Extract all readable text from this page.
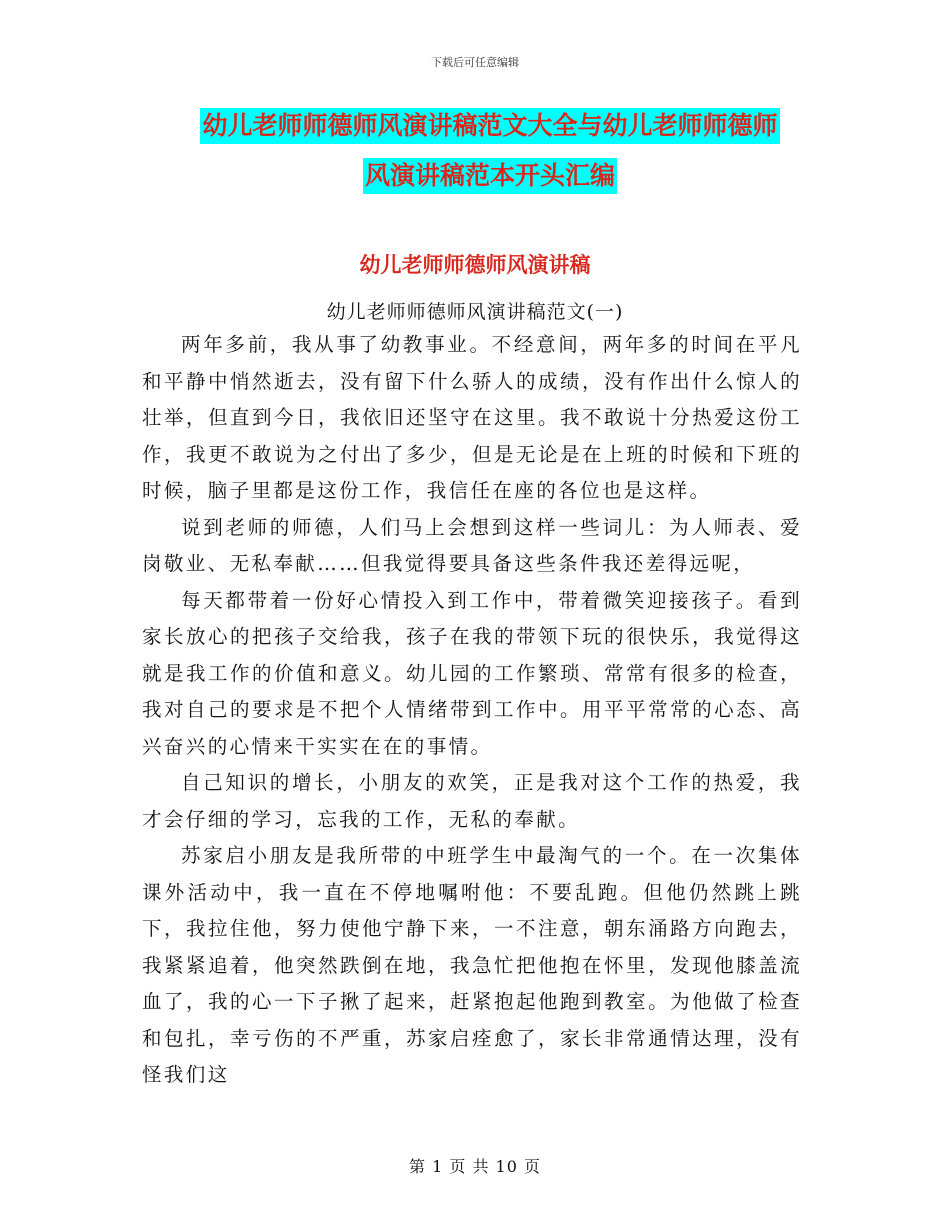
下载后可任意编辑
幼儿老师师德师风演讲稿范文大全与幼儿老师师德师
风演讲稿范本开头汇编
幼儿老师师德师风演讲稿
幼儿老师师德师风演讲稿范文(一)

两年多前，我从事了幼教事业。不经意间，两年多的时间在平凡和平静中悄然逝去，没有留下什么骄人的成绩，没有作出什么惊人的壮举，但直到今日，我依旧还坚守在这里。我不敢说十分热爱这份工作，我更不敢说为之付出了多少，但是无论是在上班的时候和下班的时候，脑子里都是这份工作，我信任在座的各位也是这样。

说到老师的师德，人们马上会想到这样一些词儿：为人师表、爱岗敬业、无私奉献……但我觉得要具备这些条件我还差得远呢，

每天都带着一份好心情投入到工作中，带着微笑迎接孩子。看到家长放心的把孩子交给我，孩子在我的带领下玩的很快乐，我觉得这就是我工作的价值和意义。幼儿园的工作繁琐、常常有很多的检查，我对自己的要求是不把个人情绪带到工作中。用平平常常的心态、高兴奋兴的心情来干实实在在的事情。

自己知识的增长，小朋友的欢笑，正是我对这个工作的热爱，我才会仔细的学习，忘我的工作，无私的奉献。

苏家启小朋友是我所带的中班学生中最淘气的一个。在一次集体课外活动中，我一直在不停地嘱咐他：不要乱跑。但他仍然跳上跳下，我拉住他，努力使他宁静下来，一不注意，朝东涌路方向跑去，我紧紧追着，他突然跌倒在地，我急忙把他抱在怀里，发现他膝盖流血了，我的心一下子揪了起来，赶紧抱起他跑到教室。为他做了检查和包扎，幸亏伤的不严重，苏家启痊愈了，家长非常通情达理，没有怪我们这

第 1 页 共 10 页
